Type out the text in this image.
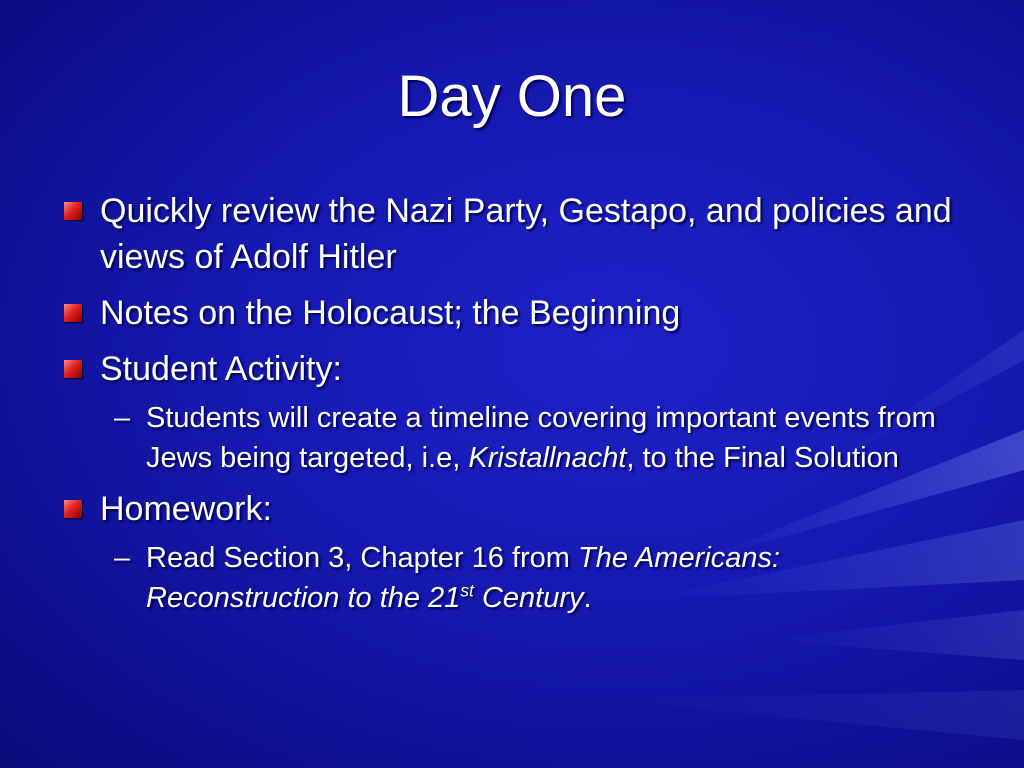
Day One
Quickly review the Nazi Party, Gestapo, and policies and views of Adolf Hitler
Notes on the Holocaust; the Beginning
Student Activity:
– Students will create a timeline covering important events from Jews being targeted, i.e, Kristallnacht, to the Final Solution
Homework:
– Read Section 3, Chapter 16 from The Americans: Reconstruction to the 21st Century.
